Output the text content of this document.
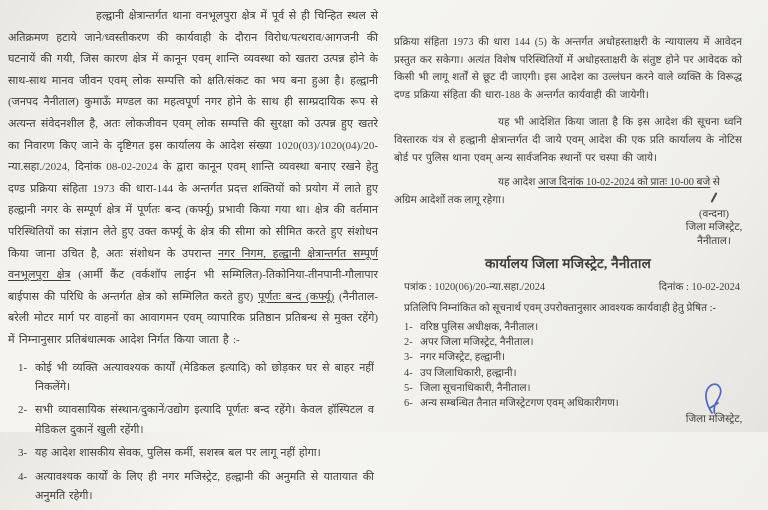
हल्द्वानी क्षेत्रान्तर्गत थाना वनभूलपुरा क्षेत्र में पूर्व से ही चिन्हित स्थल से अतिक्रमण हटाये जाने/ध्वस्तीकरण की कार्यवाही के दौरान विरोध/पत्थराव/आगजनी की घटनायें की गयी, जिस कारण क्षेत्र में कानून एवम् शान्ति व्यवस्था को खतरा उत्पन्न होने के साथ-साथ मानव जीवन एवम् लोक सम्पत्ति को क्षति/संकट का भय बना हुआ है। हल्द्वानी (जनपद नैनीताल) कुमाऊँ मण्डल का महत्वपूर्ण नगर होने के साथ ही साम्प्रदायिक रूप से अत्यन्त संवेदनशील है, अतः लोकजीवन एवम् लोक सम्पत्ति की सुरक्षा को उत्पन्न हुए खतरे का निवारण किए जाने के दृष्टिगत इस कार्यालय के आदेश संख्या 1020(03)/1020(04)/20-न्या.सहा./2024, दिनांक 08-02-2024 के द्वारा कानून एवम् शान्ति व्यवस्था बनाए रखने हेतु दण्ड प्रक्रिया संहिता 1973 की धारा-144 के अन्तर्गत प्रदत्त शक्तियों को प्रयोग में लाते हुए हल्द्वानी नगर के सम्पूर्ण क्षेत्र में पूर्णतः बन्द (कर्फ्यू) प्रभावी किया गया था। क्षेत्र की वर्तमान परिस्थितियों का संज्ञान लेते हुए उक्त कर्फ्यू के क्षेत्र की सीमा को सीमित करते हुए संशोधन किया जाना उचित है, अतः संशोधन के उपरान्त नगर निगम, हल्द्वानी क्षेत्रान्तर्गत सम्पूर्ण वनभूलपुरा क्षेत्र (आर्मी कैंट (वर्कशॉप लाईन भी सम्मिलित)-तिकोनिया-तीनपानी-गौलापार बाईपास की परिधि के अन्तर्गत क्षेत्र को सम्मिलित करते हुए) पूर्णतः बन्द (कर्फ्यू) (नैनीताल-बरेली मोटर मार्ग पर वाहनों का आवागमन एवम् व्यापारिक प्रतिष्ठान प्रतिबन्ध से मुक्त रहेंगे) में निम्नानुसार प्रतिबंधात्मक आदेश निर्गत किया जाता है :-

1- कोई भी व्यक्ति अत्यावश्यक कार्यों (मेडिकल इत्यादि) को छोड़कर घर से बाहर नहीं निकलेंगे।
2- सभी व्यावसायिक संस्थान/दुकानें/उद्योग इत्यादि पूर्णतः बन्द रहेंगे। केवल हॉस्पिटल व मेडिकल दुकानें खुली रहेंगी।
3- यह आदेश शासकीय सेवक, पुलिस कर्मी, सशस्त्र बल पर लागू नहीं होगा।
4- अत्यावश्यक कार्यों के लिए ही नगर मजिस्ट्रेट, हल्द्वानी की अनुमति से यातायात की अनुमति रहेगी।

प्रक्रिया संहिता 1973 की धारा 144 (5) के अन्तर्गत अधोहस्ताक्षरी के न्यायालय में आवेदन प्रस्तुत कर सकेगा। अत्यंत विशेष परिस्थितियों में अधोहस्ताक्षरी के संतुष्ट होने पर आवेदक को किसी भी लागू शर्तों से छूट दी जाएगी। इस आदेश का उल्लंघन करने वाले व्यक्ति के विरूद्ध दण्ड प्रक्रिया संहिता की धारा-188 के अन्तर्गत कार्यवाही की जायेगी।

यह भी आदेशित किया जाता है कि इस आदेश की सूचना ध्वनि विस्तारक यंत्र से हल्द्वानी क्षेत्रान्तर्गत दी जाये एवम् आदेश की एक प्रति कार्यालय के नोटिस बोर्ड पर पुलिस थाना एवम् अन्य सार्वजनिक स्थानों पर चस्पा की जाये।

यह आदेश आज दिनांक 10-02-2024 को प्रातः 10-00 बजे से अग्रिम आदेशों तक लागू रहेगा।

(वन्दना)
जिला मजिस्ट्रेट,
नैनीताल।
कार्यालय जिला मजिस्ट्रेट, नैनीताल
पत्रांक : 1020(06)/20-न्या.सहा./2024	दिनांक : 10-02-2024

प्रतिलिपि निम्नांकित को सूचनार्थ एवम् उपरोक्तानुसार आवश्यक कार्यवाही हेतु प्रेषित :-

1- वरिष्ठ पुलिस अधीक्षक, नैनीताल।
2- अपर जिला मजिस्ट्रेट, नैनीताल।
3- नगर मजिस्ट्रेट, हल्द्वानी।
4- उप जिलाधिकारी, हल्द्वानी।
5- जिला सूचनाधिकारी, नैनीताल।
6- अन्य सम्बन्धित तैनात मजिस्ट्रेटगण एवम् अधिकारीगण।
जिला मजिस्ट्रेट,
